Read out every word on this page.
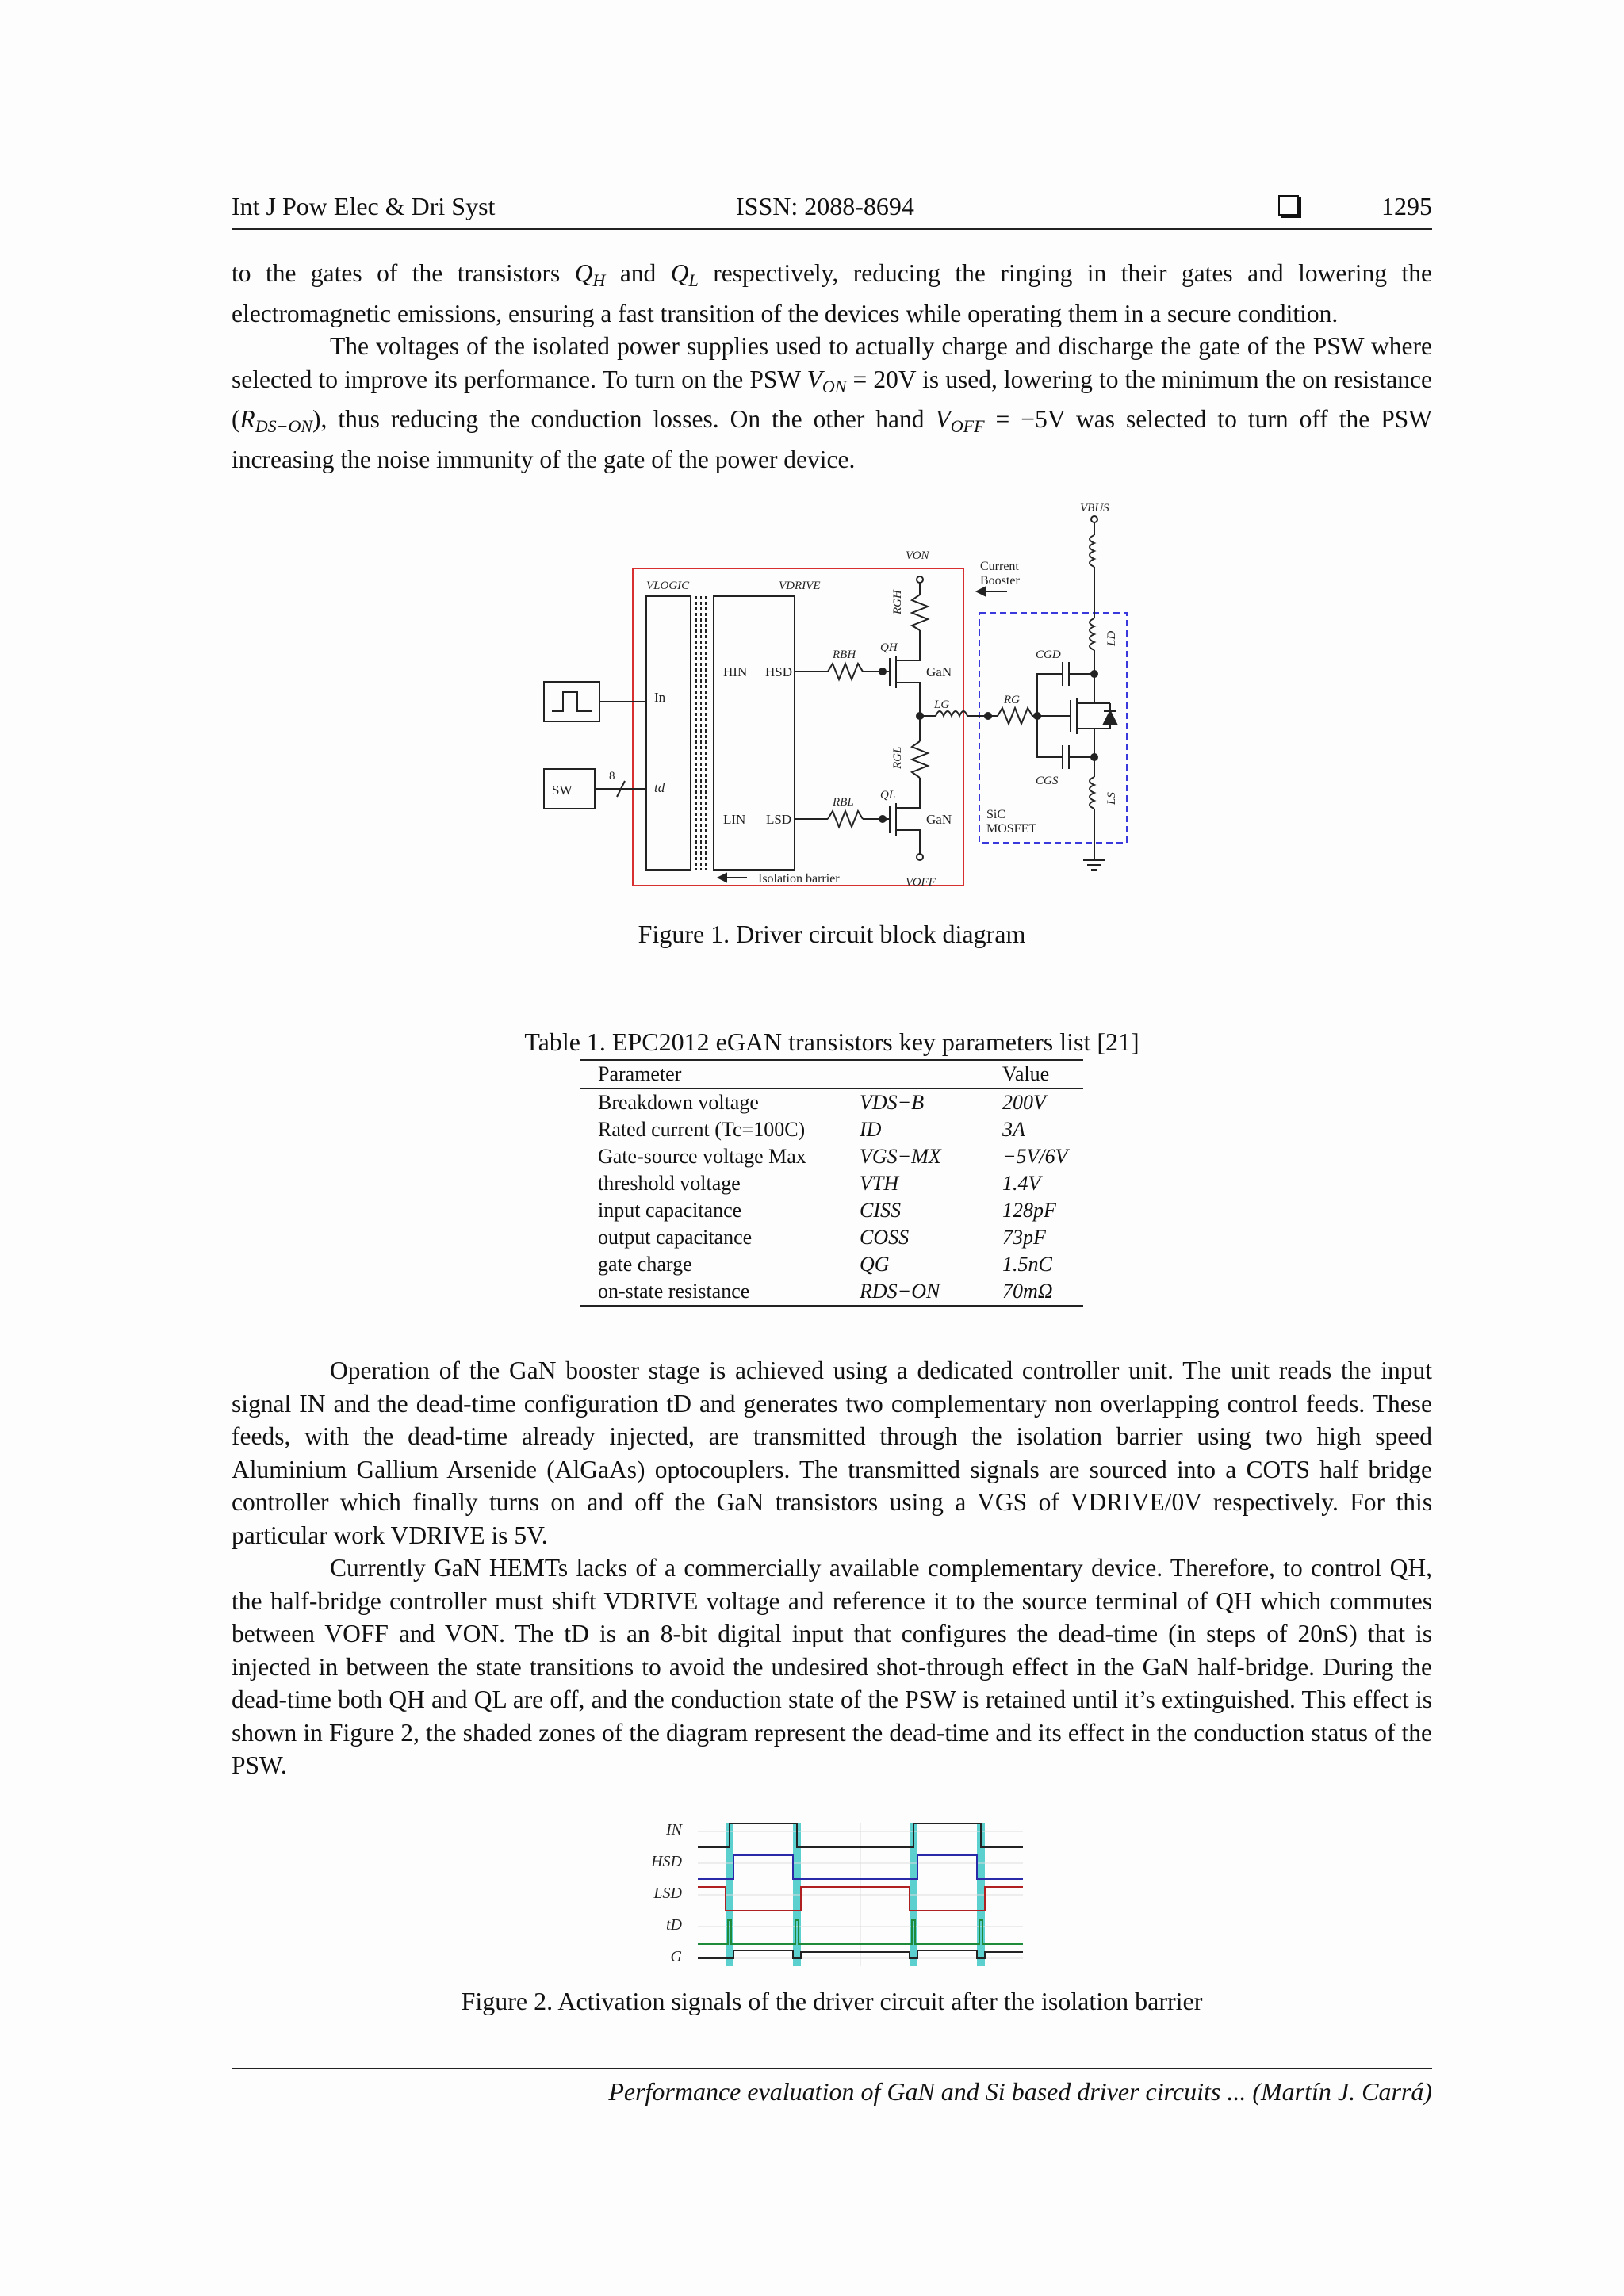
Int J Pow Elec & Dri Syst	ISSN: 2088-8694	1295

to the gates of the transistors $Q_H$ and $Q_L$ respectively, reducing the ringing in their gates and lowering the electromagnetic emissions, ensuring a fast transition of the devices while operating them in a secure condition.

The voltages of the isolated power supplies used to actually charge and discharge the gate of the PSW where selected to improve its performance. To turn on the PSW $V_{ON} = 20V$ is used, lowering to the minimum the on resistance $(R_{DS-ON})$, thus reducing the conduction losses. On the other hand $V_{OFF} = -5V$ was selected to turn off the PSW increasing the noise immunity of the gate of the power device.

VBUS
VON
VOFF
VLOGIC	VDRIVE
Current
Booster
HIN HSD
LIN LSD
In
td
SW
8
RBH
RBL
RGH
RGL
QH
QL
GaN
GaN
LG	RG
CGD
CGS
LD
LS
SiC
MOSFET
Isolation barrier
Figure 1. Driver circuit block diagram
Table 1. EPC2012 eGAN transistors key parameters list [21]
Parameter		Value
Breakdown voltage	VDS−B	200V
Rated current (Tc=100C)	ID	3A
Gate-source voltage Max	VGS−MX	−5V/6V
threshold voltage	VTH	1.4V
input capacitance	CISS	128pF
output capacitance	COSS	73pF
gate charge	QG	1.5nC
on-state resistance	RDS−ON	70mΩ

Operation of the GaN booster stage is achieved using a dedicated controller unit. The unit reads the input signal IN and the dead-time configuration tD and generates two complementary non overlapping control feeds. These feeds, with the dead-time already injected, are transmitted through the isolation barrier using two high speed Aluminium Gallium Arsenide (AlGaAs) optocouplers. The transmitted signals are sourced into a COTS half bridge controller which finally turns on and off the GaN transistors using a VGS of VDRIVE/0V respectively. For this particular work VDRIVE is 5V.

Currently GaN HEMTs lacks of a commercially available complementary device. Therefore, to control QH, the half-bridge controller must shift VDRIVE voltage and reference it to the source terminal of QH which commutes between VOFF and VON. The tD is an 8-bit digital input that configures the dead-time (in steps of 20nS) that is injected in between the state transitions to avoid the undesired shot-through effect in the GaN half-bridge. During the dead-time both QH and QL are off, and the conduction state of the PSW is retained until it’s extinguished. This effect is shown in Figure 2, the shaded zones of the diagram represent the dead-time and its effect in the conduction status of the PSW.

IN
HSD
LSD
tD
G
Figure 2. Activation signals of the driver circuit after the isolation barrier
Performance evaluation of GaN and Si based driver circuits ... (Martín J. Carrá)
